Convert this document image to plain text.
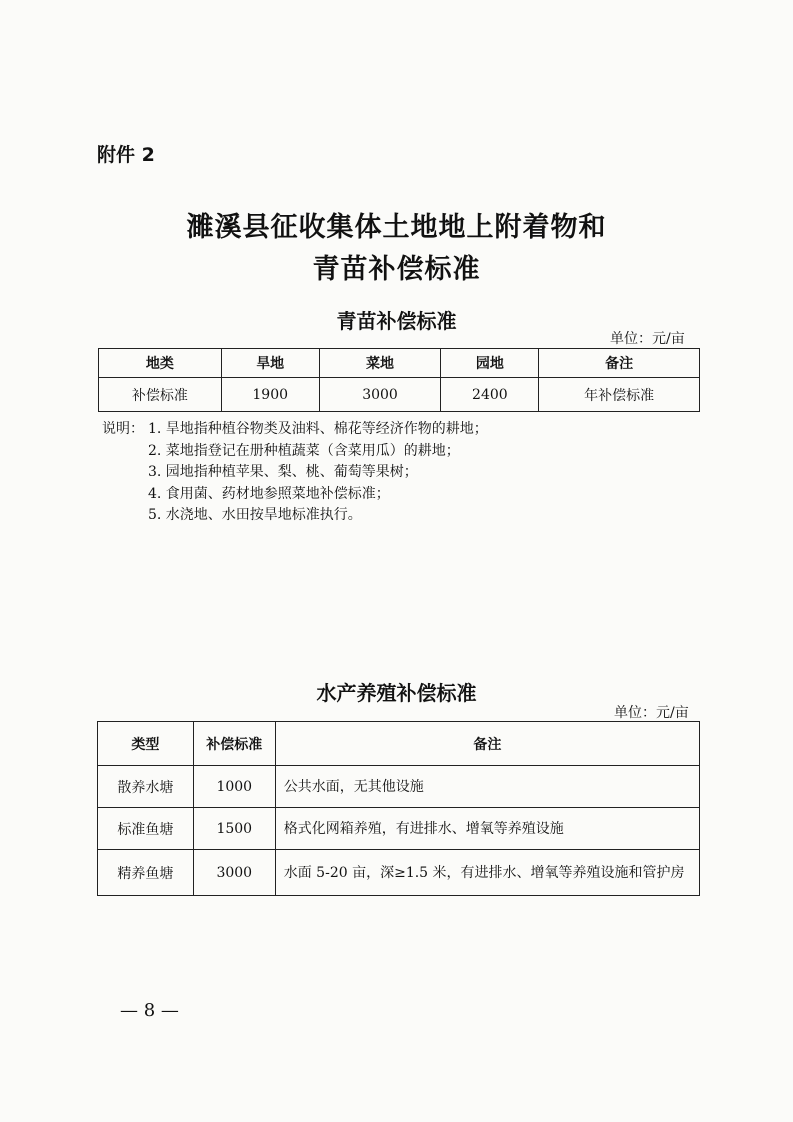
附件 2
濉溪县征收集体土地地上附着物和
青苗补偿标准
青苗补偿标准
单位：元/亩
地类	旱地	菜地	园地	备注
补偿标准	1900	3000	2400	年补偿标准
说明： 1. 旱地指种植谷物类及油料、棉花等经济作物的耕地；
2. 菜地指登记在册种植蔬菜（含菜用瓜）的耕地；
3. 园地指种植苹果、梨、桃、葡萄等果树；
4. 食用菌、药材地参照菜地补偿标准；
5. 水浇地、水田按旱地标准执行。
水产养殖补偿标准
单位：元/亩
类型	补偿标准	备注
散养水塘	1000	公共水面，无其他设施
标准鱼塘	1500	格式化网箱养殖，有进排水、增氧等养殖设施
精养鱼塘	3000	水面 5-20 亩，深≥1.5 米，有进排水、增氧等养殖设施和管护房
— 8 —
